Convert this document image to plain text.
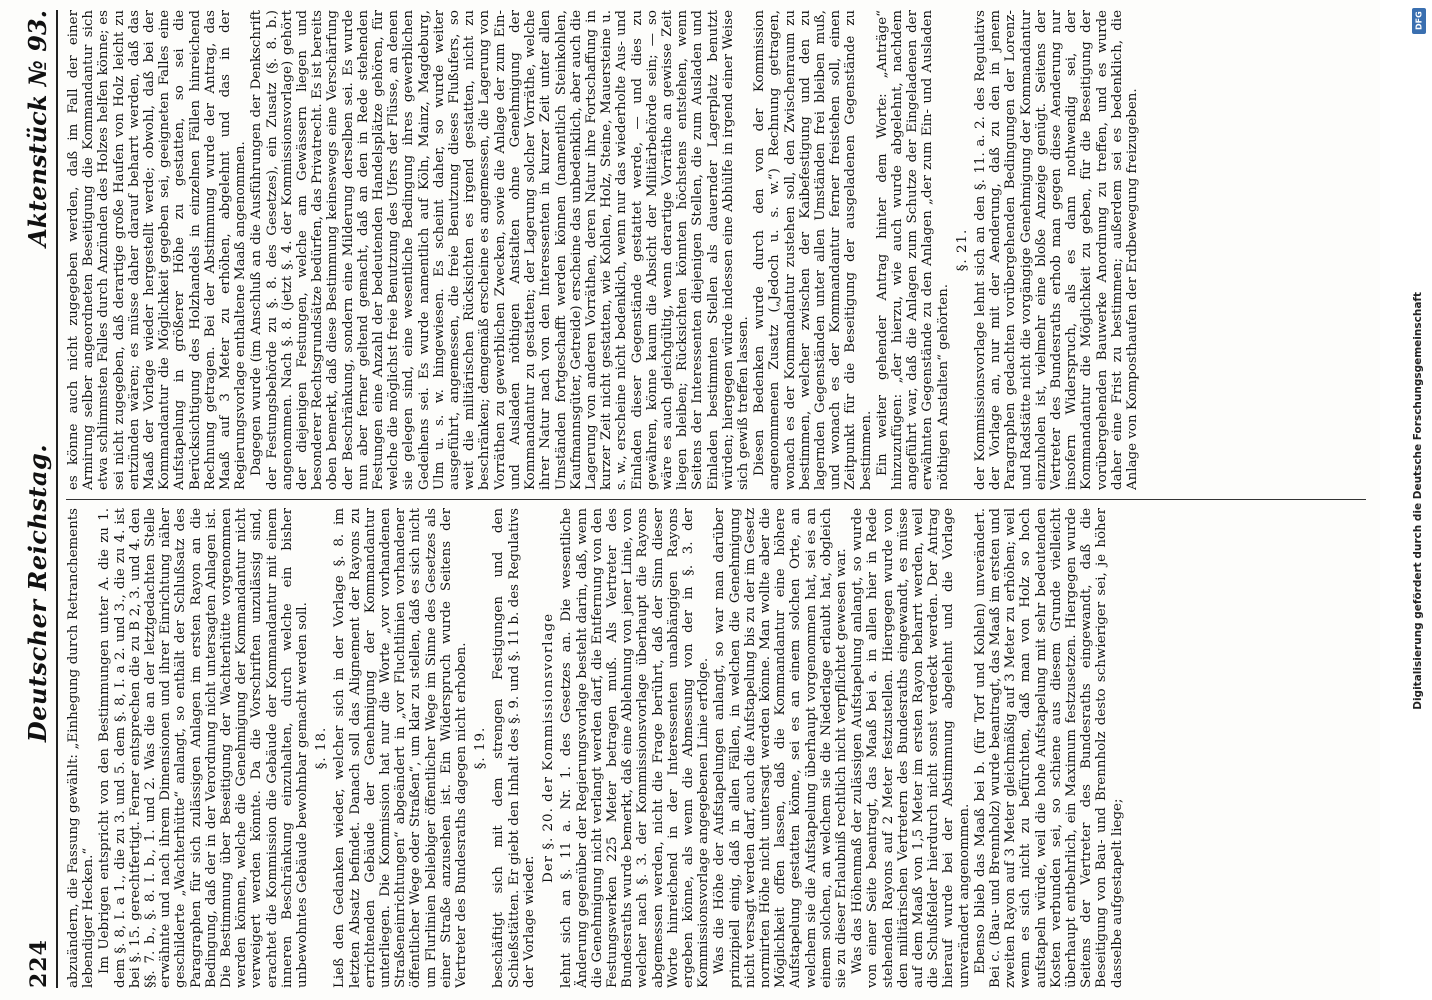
224
Deutscher Reichstag.
Aktenstück № 93.

abzuändern, die Fassung gewählt: „Einhegung durch Retranchements lebendiger Hecken.“ Im Uebrigen entspricht von den Bestimmungen unter A. die zu 1. dem §. 8, I. a 1., die zu 3. und 5. dem §. 8, I. a 2. und 3., die zu 4. ist bei §. 15. gerechtfertigt. Ferner entsprechen die zu B 2, 3. und 4. den §§. 7. b., §. 8. I. b., 1. und 2. Was die an der letztgedachten Stelle erwähnte und nach ihrem Dimensionen und ihrer Einrichtung näher geschilderte „Wachterhütte“ anlangt, so enthält der Schlußsatz des Paragraphen für sich zulässigen Anlagen im ersten Rayon an die Bedingung, daß der in der Verordnung nicht untersagten Anlagen ist. Die Bestimmung über Beseitigung der Wachterhütte vorgenommen werden können, welche die Genehmigung der Kommandantur nicht verweigert werden könnte. Da die Vorschriften unzulässig sind, erachtet die Kommission die Gebäude der Kommandantur mit einem inneren Beschränkung einzuhalten, durch welche ein bisher unbewohntes Gebäude bewohnbar gemacht werden soll. §. 18. Ließ den Gedanken wieder, welcher sich in der Vorlage §. 8. im letzten Absatz befindet. Danach soll das Alignement der Rayons zu errichtenden Gebäude der Genehmigung der Kommandantur unterliegen. Die Kommission hat nur die Worte „vor vorhandenen Straßeneinrichtungen“ abgeändert in „vor Fluchtlinien vorhandener öffentlicher Wege oder Straßen“, um klar zu stellen, daß es sich nicht um Flurlinien beliebiger öffentlicher Wege im Sinne des Gesetzes als einer Straße anzusehen ist. Ein Widerspruch wurde Seitens der Vertreter des Bundesraths dagegen nicht erhoben. §. 19. beschäftigt sich mit dem strengen Festigungen und den Schießstätten. Er giebt den Inhalt des §. 9. und §. 11 b. des Regulativs der Vorlage wieder.

Der §. 20. der Kommissionsvorlage lehnt sich an §. 11 a. Nr. 1. des Gesetzes an. Die wesentliche Änderung gegenüber der Regierungsvorlage besteht darin, daß, wenn die Genehmigung nicht verlangt werden darf, die Entfernung von den Festungswerken 225 Meter betragen muß. Als Vertreter des Bundesraths wurde bemerkt, daß eine Ablehnung von jener Linie, von welcher nach §. 3. der Kommissionsvorlage überhaupt die Rayons abgemessen werden, nicht die Frage berührt, daß der Sinn dieser Worte hinreichend in der Interessenten unabhängigen Rayons ergeben könne, als wenn die Abmessung von der in §. 3. der Kommissionsvorlage angegebenen Linie erfolge. Was die Höhe der Aufstapelungen anlangt, so war man darüber prinzipiell einig, daß in allen Fällen, in welchen die Genehmigung nicht versagt werden darf, auch die Aufstapelung bis zu der im Gesetz normirten Höhe nicht untersagt werden könne. Man wollte aber die Möglichkeit offen lassen, daß die Kommandantur eine höhere Aufstapelung gestatten könne, sei es an einem solchen Orte, an welchem sie die Aufstapelung überhaupt vorgenommen hat, sei es an einem solchen, an welchem sie die Niederlage erlaubt hat, obgleich sie zu dieser Erlaubniß rechtlich nicht verpflichtet gewesen war. Was das Höhenmaß der zulässigen Aufstapelung anlangt, so wurde von einer Seite beantragt, das Maaß bei a. in allen hier in Rede stehenden Rayons auf 2 Meter festzustellen. Hiergegen wurde von den militärischen Vertretern des Bundesraths eingewandt, es müsse auf dem Maaß von 1,5 Meter im ersten Rayon beharrt werden, weil die Schußfelder hierdurch nicht sonst verdeckt werden. Der Antrag hierauf wurde bei der Abstimmung abgelehnt und die Vorlage unverändert angenommen. Ebenso blieb das Maaß bei b. (für Torf und Kohlen) unverändert. Bei c. (Bau- und Brennholz) wurde beantragt, das Maaß im ersten und zweiten Rayon auf 3 Meter gleichmäßig auf 3 Meter zu erhöhen; weil wenn es sich nicht zu befürchten, daß man von Holz so hoch aufstapeln würde, weil die hohe Aufstapelung mit sehr bedeutenden Kosten verbunden sei, so schiene aus diesem Grunde vielleicht überhaupt entbehrlich, ein Maximum festzusetzen. Hiergegen wurde Seitens der Vertreter des Bundesraths eingewandt, daß die Beseitigung von Bau- und Brennholz desto schwieriger sei, je höher dasselbe aufgestapelt liege;

es könne auch nicht zugegeben werden, daß im Fall der einer Armirung selber angeordneten Beseitigung die Kommandantur sich etwa schlimmsten Falles durch Anzünden des Holzes helfen könne; es sei nicht zugegeben, daß derartige große Haufen von Holz leicht zu entzünden wären; es müsse daher darauf beharrt werden, daß das Maaß der Vorlage wieder hergestellt werde; obwohl, daß bei der Kommandantur die Möglichkeit gegeben sei, geeigneten Falles eine Aufstapelung in größerer Höhe zu gestatten, so sei die Berücksichtigung des Holzhandels in einzelnen Fällen hinreichend Rechnung getragen. Bei der Abstimmung wurde der Antrag, das Maaß auf 3 Meter zu erhöhen, abgelehnt und das in der Regierungsvorlage enthaltene Maaß angenommen. Dagegen wurde (im Anschluß an die Ausführungen der Denkschrift der Festungsbehörde zu §. 8. des Gesetzes), ein Zusatz (§. 8. b.) angenommen. Nach §. 8. (jetzt §. 4. der Kommissionsvorlage) gehört der diejenigen Festungen, welche am Gewässern liegen und besonderer Rechtsgrundsätze bedürfen, das Privatrecht. Es ist bereits oben bemerkt, daß diese Bestimmung keineswegs eine Verschärfung der Beschränkung, sondern eine Milderung derselben sei. Es wurde nun aber ferner geltend gemacht, daß an den in Rede stehenden Festungen eine Anzahl der bedeutenden Handelsplätze gehören, für welche die möglichst freie Benutzung des Ufers der Flüsse, an denen sie gelegen sind, eine wesentliche Bedingung ihres gewerblichen Gedeihens sei. Es wurde namentlich auf Köln, Mainz, Magdeburg, Ulm u. s. w. hingewiesen. Es scheint daher, so wurde weiter ausgeführt, angemessen, die freie Benutzung dieses Flußufers, so weit die militärischen Rücksichten es irgend gestatten, nicht zu beschränken; demgemäß erscheine es angemessen, die Lagerung von Vorräthen zu gewerblichen Zwecken, sowie die Anlage der zum Ein- und Ausladen nöthigen Anstalten ohne Genehmigung der Kommandantur zu gestatten; der Lagerung solcher Vorräthe, welche ihrer Natur nach von den Interessenten in kurzer Zeit unter allen Umständen fortgeschafft werden können (namentlich Steinkohlen, Kaufmannsgüter, Getreide) erscheine das unbedenklich, aber auch die Lagerung von anderen Vorräthen, deren Natur ihre Fortschaffung in kurzer Zeit nicht gestatten, wie Kohlen, Holz, Steine, Mauersteine u. s. w., erscheine nicht bedenklich, wenn nur das wiederholte Aus- und Einladen dieser Gegenstände gestattet werde, — und dies zu gewähren, könne kaum die Absicht der Militärbehörde sein; — so wäre es auch gleichgültig, wenn derartige Vorräthe an gewisse Zeit liegen bleiben; Rücksichten könnten höchstens entstehen, wenn Seitens der Interessenten diejenigen Stellen, die zum Ausladen und Einladen bestimmten Stellen als dauernder Lagerplatz benutzt würden; hiergegen würde indessen eine Abhülfe in irgend einer Weise sich gewiß treffen lassen. Diesen Bedenken wurde durch den von der Kommission angenommenen Zusatz („Jedoch u. s. w.“) Rechnung getragen, wonach es der Kommandantur zustehen soll, den Zwischenraum zu bestimmen, welcher zwischen der Kaibefestigung und den zu lagernden Gegenständen unter allen Umständen frei bleiben muß, und wonach es der Kommandantur ferner freistehen soll, einen Zeitpunkt für die Beseitigung der ausgeladenen Gegenstände zu bestimmen. Ein weiter gehender Antrag hinter dem Worte: „Anträge“ hinzuzufügen: „der hierzu, wie auch wurde abgelehnt, nachdem angeführt war, daß die Anlagen zum Schutze der Eingeladenen der erwähnten Gegenstände zu den Anlagen „der zum Ein- und Ausladen nöthigen Anstalten“ gehörten.

§. 21. der Kommissionsvorlage lehnt sich an den §. 11. a. 2. des Regulativs der Vorlage an, nur mit der Aenderung, daß zu den in jenem Paragraphen gedachten vorübergehenden Bedingungen der Lorenz- und Radstätte nicht die vorgängige Genehmigung der Kommandantur einzuholen ist, vielmehr eine bloße Anzeige genügt. Seitens der Vertreter des Bundesraths erhob man gegen diese Aenderung nur insofern Widerspruch, als es dann nothwendig sei, der Kommandantur die Möglichkeit zu geben, für die Beseitigung der vorübergehenden Bauwerke Anordnung zu treffen, und es wurde daher eine Frist zu bestimmen; außerdem sei es bedenklich, die Anlage von Komposthaufen der Erdbewegung freizugeben.

Digitalisierung gefördert durch die Deutsche Forschungsgemeinschaft
DFG
